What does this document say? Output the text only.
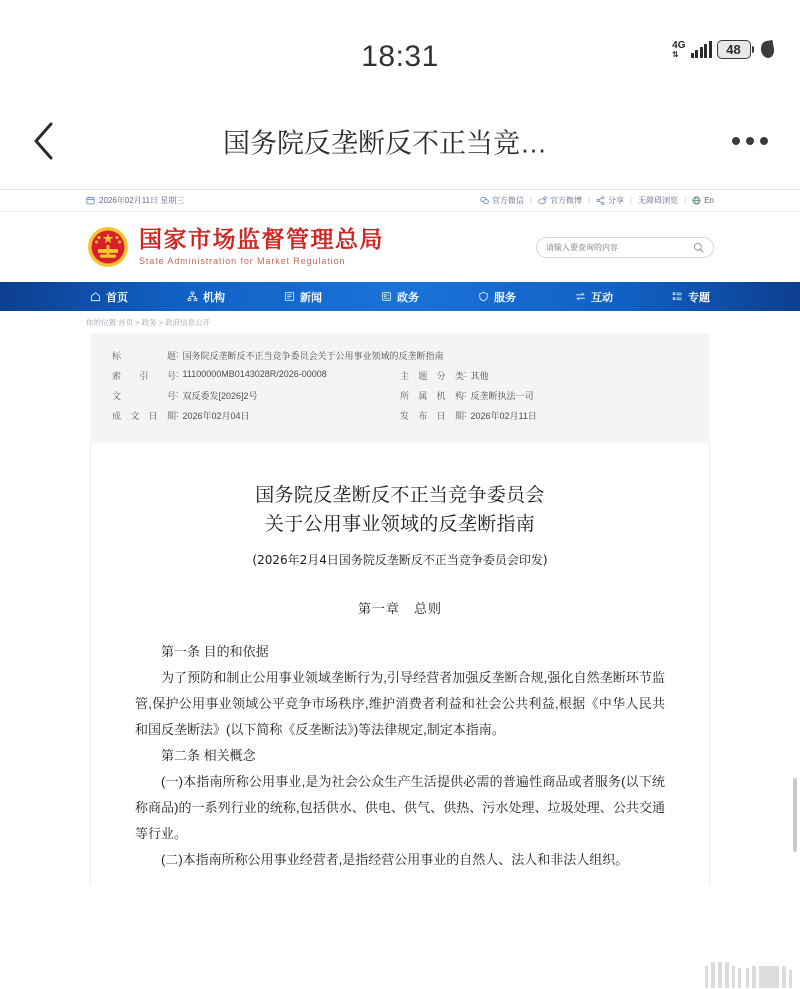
18:31	4G
⇅	48
国务院反垄断反不正当竞…
2026年02月11日 星期三	官方微信 | 官方微博 | 分享 | 无障碍浏览 | En
国家市场监督管理总局
State Administration for Market Regulation
请输入要查询的内容
首页	机构	新闻	政务	服务	互动	专题
你的位置:首页 > 政务 > 政府信息公开
标题 : 国务院反垄断反不正当竞争委员会关于公用事业领域的反垄断指南
索引号 : 11100000MB0143028R/2026-00008	主题分类 : 其他
文号 : 双反委发[2026]2号	所属机构 : 反垄断执法一司
成文日期 : 2026年02月04日	发布日期 : 2026年02月11日
国务院反垄断反不正当竞争委员会
关于公用事业领域的反垄断指南
(2026年2月4日国务院反垄断反不正当竞争委员会印发)
第一章　总则

第一条 目的和依据

为了预防和制止公用事业领域垄断行为,引导经营者加强反垄断合规,强化自然垄断环节监管,保护公用事业领域公平竞争市场秩序,维护消费者利益和社会公共利益,根据《中华人民共和国反垄断法》(以下简称《反垄断法》)等法律规定,制定本指南。

第二条 相关概念

(一)本指南所称公用事业,是为社会公众生产生活提供必需的普遍性商品或者服务(以下统称商品)的一系列行业的统称,包括供水、供电、供气、供热、污水处理、垃圾处理、公共交通等行业。

(二)本指南所称公用事业经营者,是指经营公用事业的自然人、法人和非法人组织。
